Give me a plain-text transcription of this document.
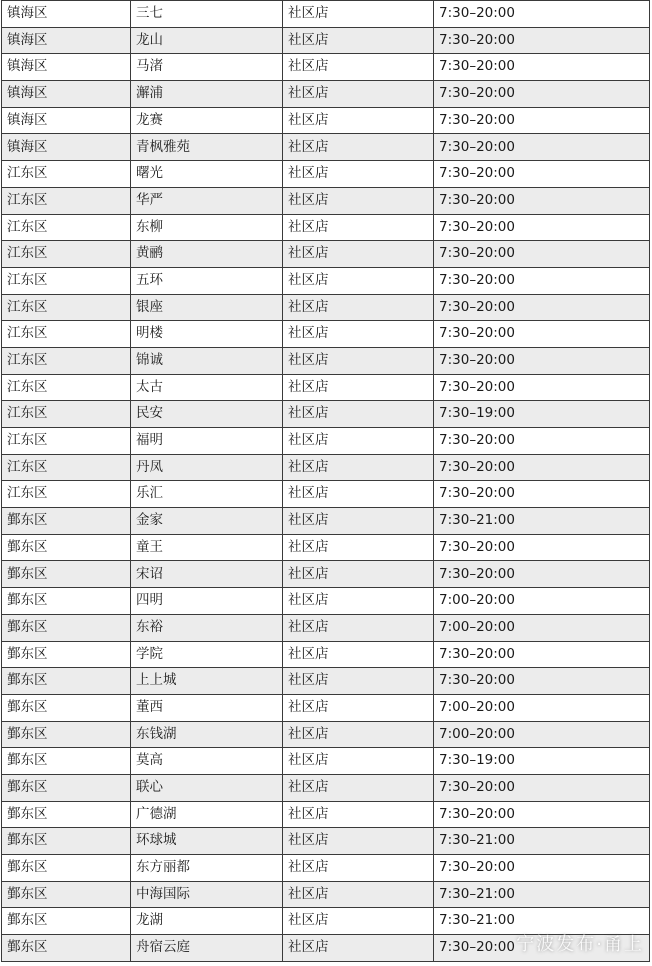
镇海区	三七	社区店	7:30–20:00
镇海区	龙山	社区店	7:30–20:00
镇海区	马渚	社区店	7:30–20:00
镇海区	澥浦	社区店	7:30–20:00
镇海区	龙赛	社区店	7:30–20:00
镇海区	青枫雅苑	社区店	7:30–20:00
江东区	曙光	社区店	7:30–20:00
江东区	华严	社区店	7:30–20:00
江东区	东柳	社区店	7:30–20:00
江东区	黄鹂	社区店	7:30–20:00
江东区	五环	社区店	7:30–20:00
江东区	银座	社区店	7:30–20:00
江东区	明楼	社区店	7:30–20:00
江东区	锦诚	社区店	7:30–20:00
江东区	太古	社区店	7:30–20:00
江东区	民安	社区店	7:30–19:00
江东区	福明	社区店	7:30–20:00
江东区	丹凤	社区店	7:30–20:00
江东区	乐汇	社区店	7:30–20:00
鄞东区	金家	社区店	7:30–21:00
鄞东区	童王	社区店	7:30–20:00
鄞东区	宋诏	社区店	7:30–20:00
鄞东区	四明	社区店	7:00–20:00
鄞东区	东裕	社区店	7:00–20:00
鄞东区	学院	社区店	7:30–20:00
鄞东区	上上城	社区店	7:30–20:00
鄞东区	董西	社区店	7:00–20:00
鄞东区	东钱湖	社区店	7:00–20:00
鄞东区	莫高	社区店	7:30–19:00
鄞东区	联心	社区店	7:30–20:00
鄞东区	广德湖	社区店	7:30–20:00
鄞东区	环球城	社区店	7:30–21:00
鄞东区	东方丽都	社区店	7:30–20:00
鄞东区	中海国际	社区店	7:30–21:00
鄞东区	龙湖	社区店	7:30–21:00
鄞东区	舟宿云庭	社区店	7:30–20:00 宁波发布·甬上
